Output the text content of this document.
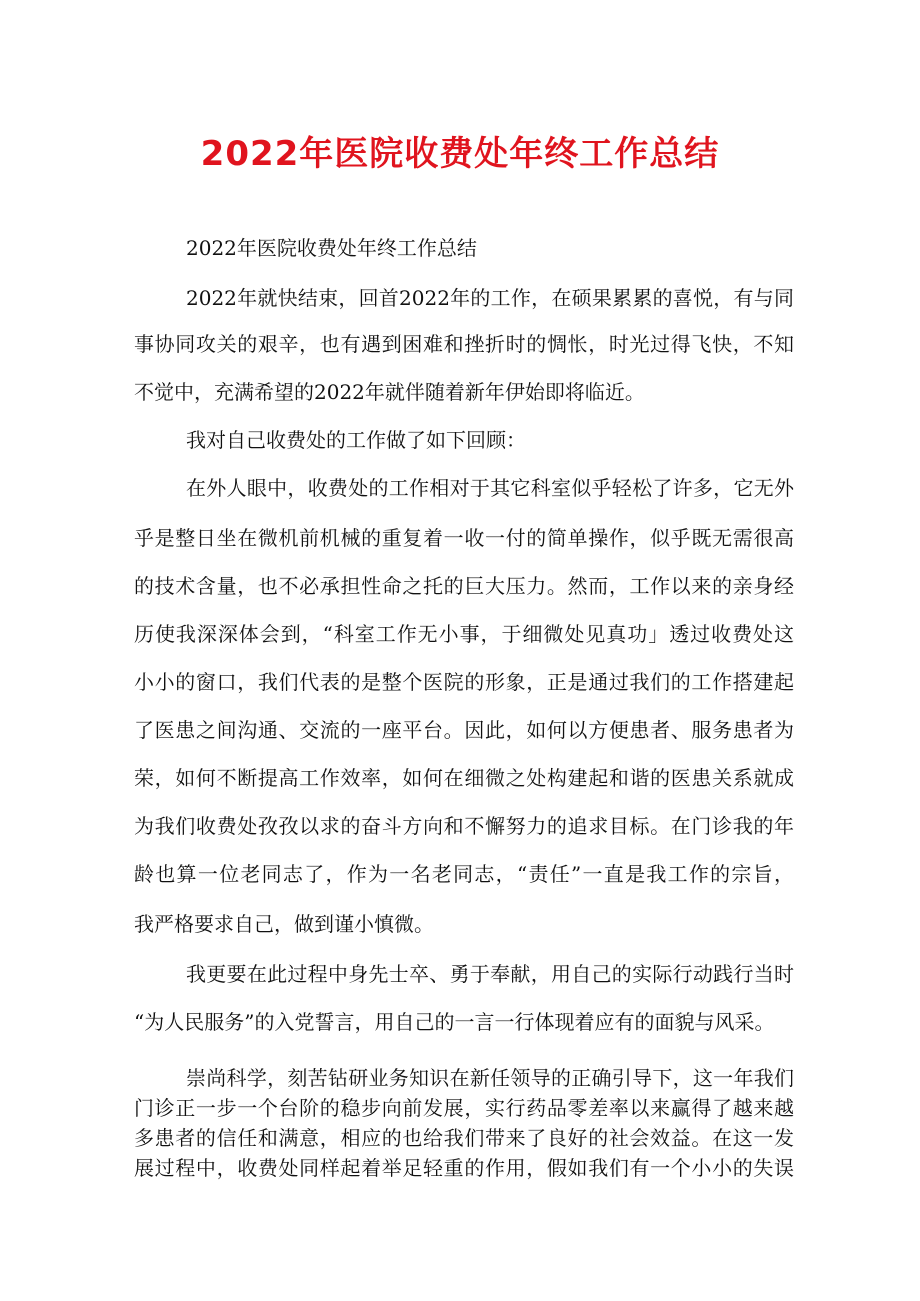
2022年医院收费处年终工作总结
2022年医院收费处年终工作总结
2022年就快结束，回首2022年的工作，在硕果累累的喜悦，有与同
事协同攻关的艰辛，也有遇到困难和挫折时的惆怅，时光过得飞快，不知
不觉中，充满希望的2022年就伴随着新年伊始即将临近。
我对自己收费处的工作做了如下回顾：
在外人眼中，收费处的工作相对于其它科室似乎轻松了许多，它无外
乎是整日坐在微机前机械的重复着一收一付的简单操作，似乎既无需很高
的技术含量，也不必承担性命之托的巨大压力。然而，工作以来的亲身经
历使我深深体会到，“科室工作无小事，于细微处见真功」透过收费处这
小小的窗口，我们代表的是整个医院的形象，正是通过我们的工作搭建起
了医患之间沟通、交流的一座平台。因此，如何以方便患者、服务患者为
荣，如何不断提高工作效率，如何在细微之处构建起和谐的医患关系就成
为我们收费处孜孜以求的奋斗方向和不懈努力的追求目标。在门诊我的年
龄也算一位老同志了，作为一名老同志，“责任”一直是我工作的宗旨，
我严格要求自己，做到谨小慎微。
我更要在此过程中身先士卒、勇于奉献，用自己的实际行动践行当时
“为人民服务”的入党誓言，用自己的一言一行体现着应有的面貌与风采。
崇尚科学，刻苦钻研业务知识在新任领导的正确引导下，这一年我们
门诊正一步一个台阶的稳步向前发展，实行药品零差率以来赢得了越来越
多患者的信任和满意，相应的也给我们带来了良好的社会效益。在这一发
展过程中，收费处同样起着举足轻重的作用，假如我们有一个小小的失误
